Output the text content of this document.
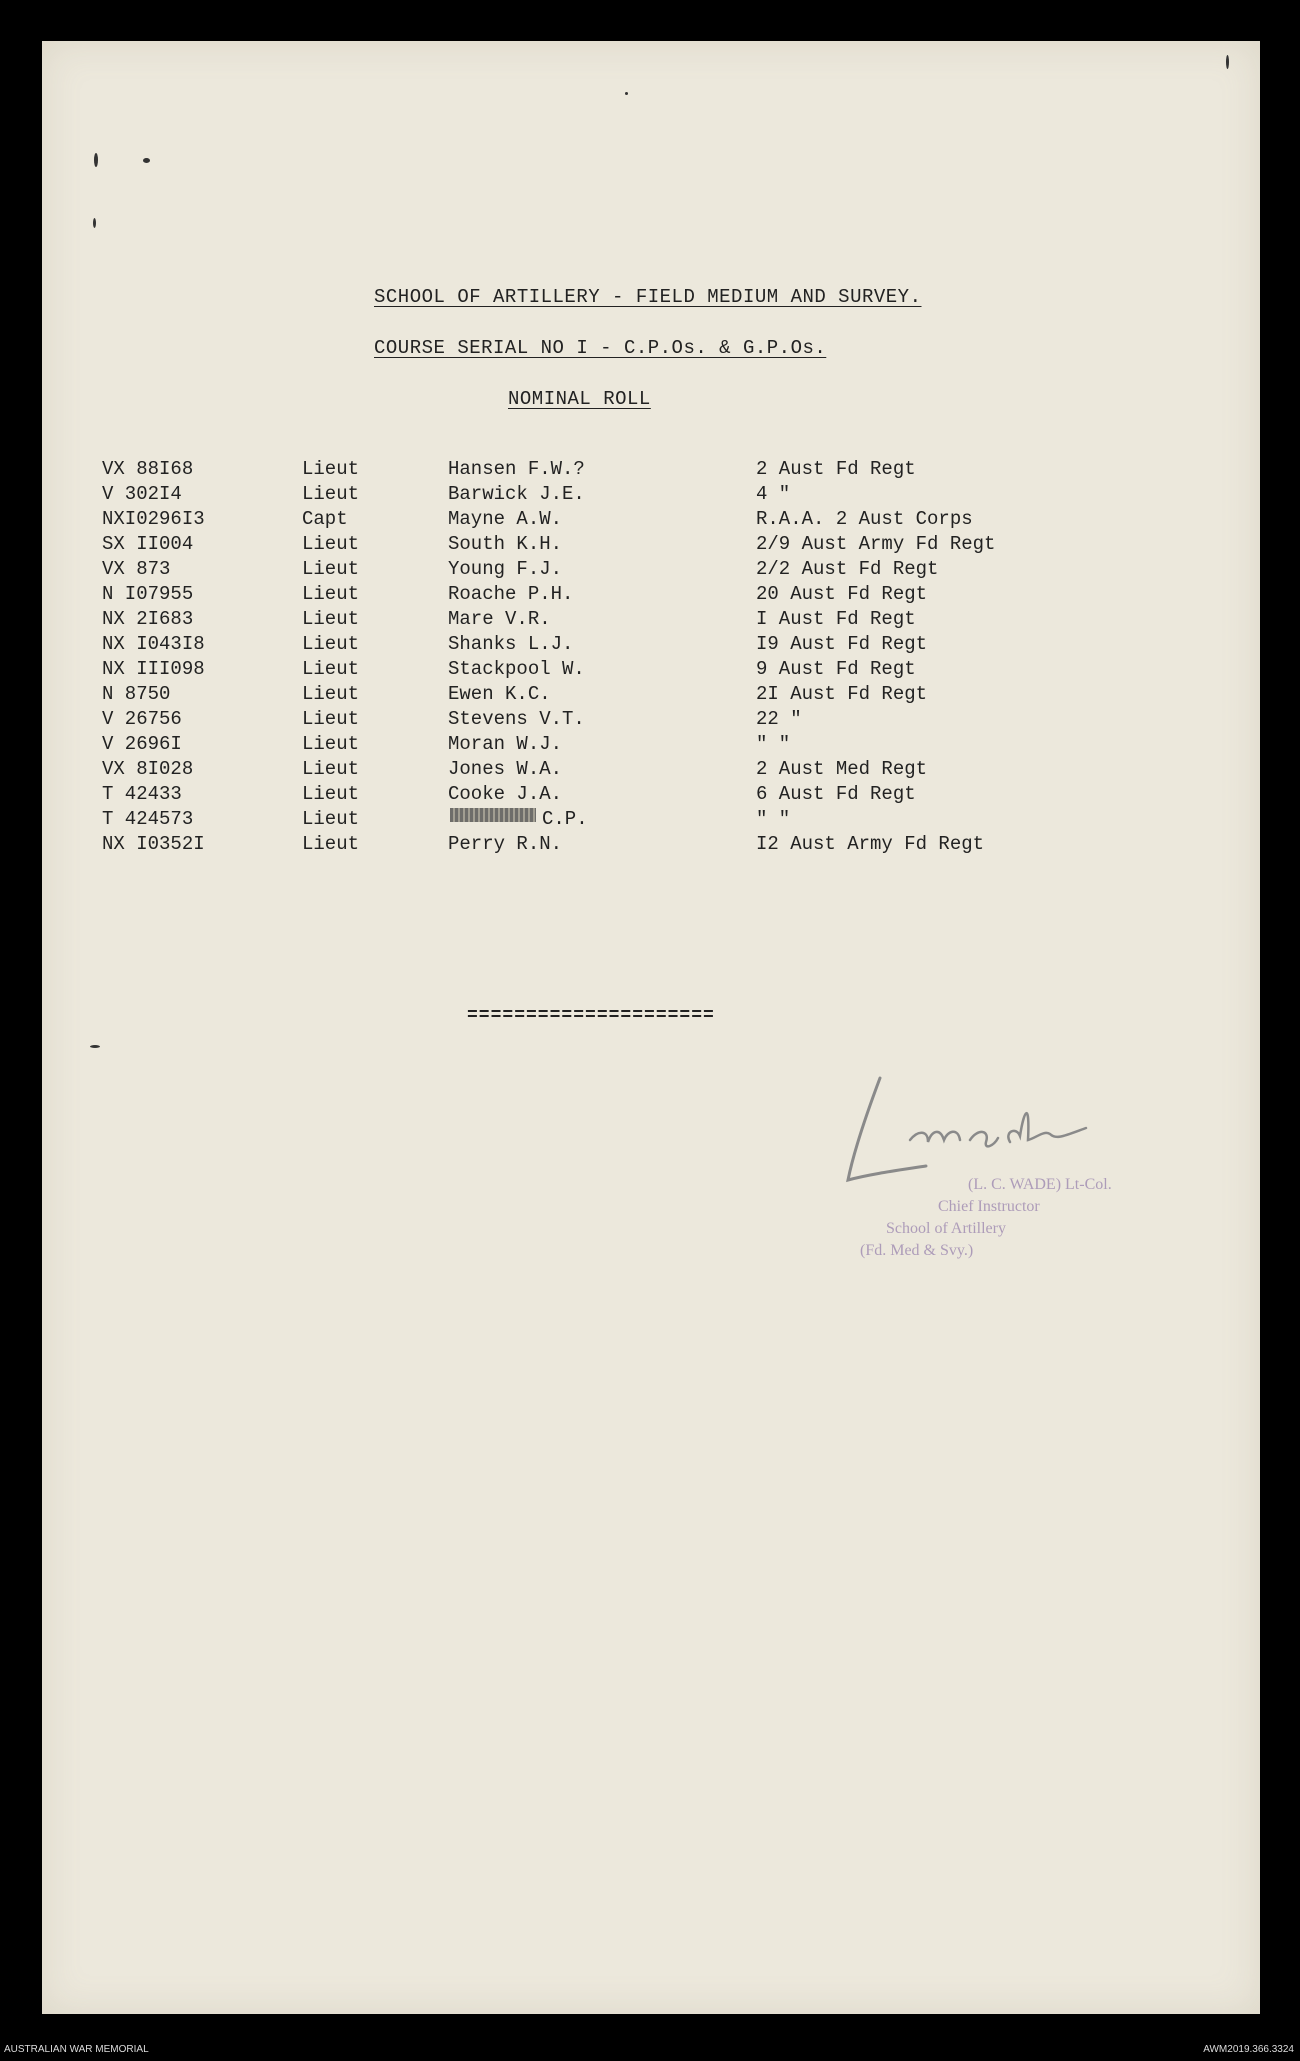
SCHOOL OF ARTILLERY - FIELD MEDIUM AND SURVEY.
COURSE SERIAL NO I - C.P.Os. & G.P.Os.
NOMINAL ROLL
VX 88I68	Lieut	Hansen F.W.?	2 Aust Fd Regt
V 302I4	Lieut	Barwick J.E.	4 "
NXI0296I3	Capt	Mayne A.W.	R.A.A. 2 Aust Corps
SX II004	Lieut	South K.H.	2/9 Aust Army Fd Regt
VX 873	Lieut	Young F.J.	2/2 Aust Fd Regt
N I07955	Lieut	Roache P.H.	20 Aust Fd Regt
NX 2I683	Lieut	Mare V.R.	I Aust Fd Regt
NX I043I8	Lieut	Shanks L.J.	I9 Aust Fd Regt
NX III098	Lieut	Stackpool W.	9 Aust Fd Regt
N 8750	Lieut	Ewen K.C.	2I Aust Fd Regt
V 26756	Lieut	Stevens V.T.	22 "
V 2696I	Lieut	Moran W.J.	" "
VX 8I028	Lieut	Jones W.A.	2 Aust Med Regt
T 42433	Lieut	Cooke J.A.	6 Aust Fd Regt
T 424573	Lieut	C.P.	" "
NX I0352I	Lieut	Perry R.N.	I2 Aust Army Fd Regt
=====================
(L. C. WADE) Lt-Col.
Chief Instructor
School of Artillery
(Fd. Med & Svy.)
AUSTRALIAN WAR MEMORIAL	AWM2019.366.3324
